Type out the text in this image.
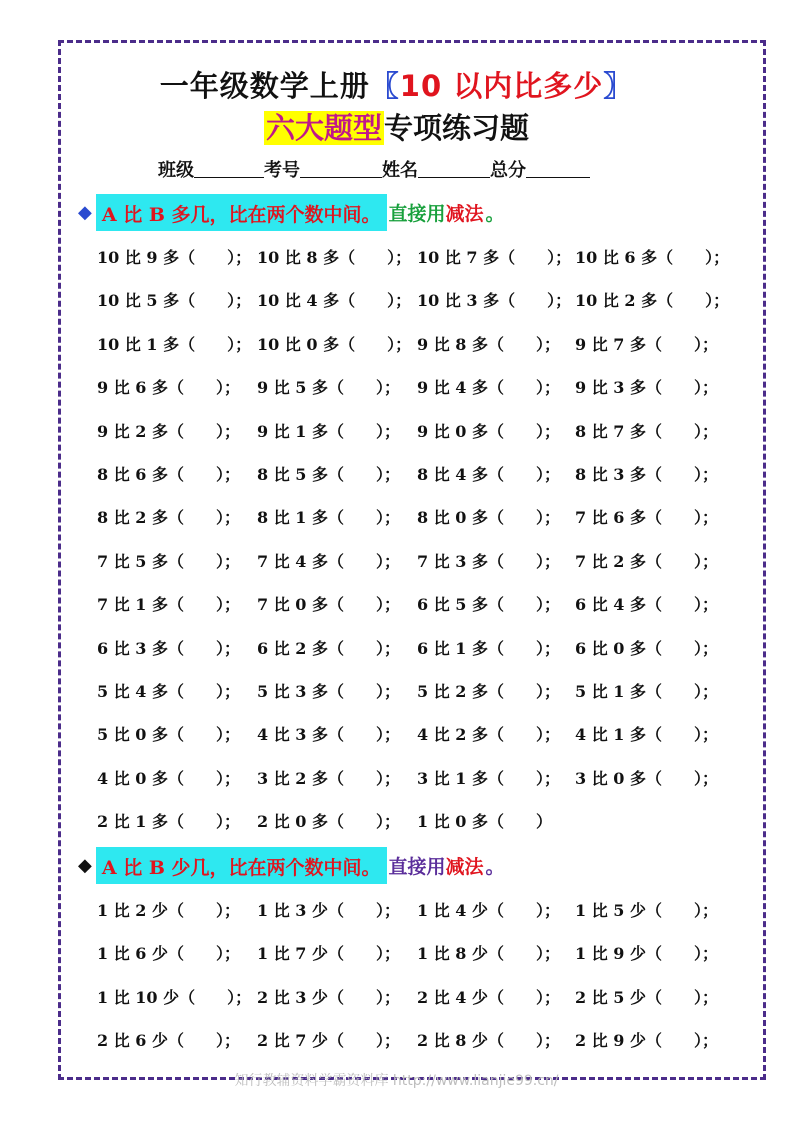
一年级数学上册〖10 以内比多少〗
六大题型专项练习题
班级	考号	姓名	总分
◆ A 比 B 多几，比在两个数中间。 直接用 减法 。
10 比 9 多（　　）； 10 比 8 多（　　）； 10 比 7 多（　　）； 10 比 6 多（　　）；
10 比 5 多（　　）； 10 比 4 多（　　）； 10 比 3 多（　　）； 10 比 2 多（　　）；
10 比 1 多（　　）； 10 比 0 多（　　）； 9 比 8 多（　　）； 9 比 7 多（　　）；
9 比 6 多（　　）； 9 比 5 多（　　）； 9 比 4 多（　　）； 9 比 3 多（　　）；
9 比 2 多（　　）； 9 比 1 多（　　）； 9 比 0 多（　　）； 8 比 7 多（　　）；
8 比 6 多（　　）； 8 比 5 多（　　）； 8 比 4 多（　　）； 8 比 3 多（　　）；
8 比 2 多（　　）； 8 比 1 多（　　）； 8 比 0 多（　　）； 7 比 6 多（　　）；
7 比 5 多（　　）； 7 比 4 多（　　）； 7 比 3 多（　　）； 7 比 2 多（　　）；
7 比 1 多（　　）； 7 比 0 多（　　）； 6 比 5 多（　　）； 6 比 4 多（　　）；
6 比 3 多（　　）； 6 比 2 多（　　）； 6 比 1 多（　　）； 6 比 0 多（　　）；
5 比 4 多（　　）； 5 比 3 多（　　）； 5 比 2 多（　　）； 5 比 1 多（　　）；
5 比 0 多（　　）； 4 比 3 多（　　）； 4 比 2 多（　　）； 4 比 1 多（　　）；
4 比 0 多（　　）； 3 比 2 多（　　）； 3 比 1 多（　　）； 3 比 0 多（　　）；
2 比 1 多（　　）； 2 比 0 多（　　）； 1 比 0 多（　　）
◆ A 比 B 少几，比在两个数中间。 直接用 减法 。
1 比 2 少（　　）； 1 比 3 少（　　）； 1 比 4 少（　　）； 1 比 5 少（　　）；
1 比 6 少（　　）； 1 比 7 少（　　）； 1 比 8 少（　　）； 1 比 9 少（　　）；
1 比 10 少（　　）； 2 比 3 少（　　）； 2 比 4 少（　　）； 2 比 5 少（　　）；
2 比 6 少（　　）； 2 比 7 少（　　）； 2 比 8 少（　　）； 2 比 9 少（　　）；
知行教辅资料学霸资料库 http://www.lianjie99.cn/
